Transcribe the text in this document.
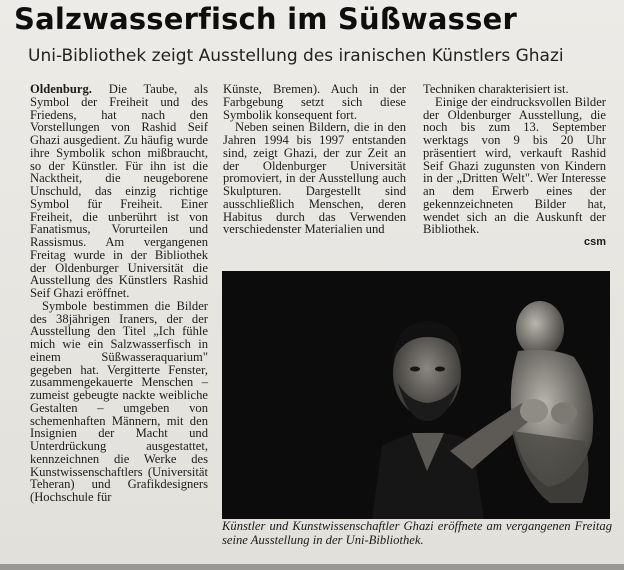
Salzwasserfisch im Süßwasser
Uni-Bibliothek zeigt Ausstellung des iranischen Künstlers Ghazi

Oldenburg. Die Taube, als Symbol der Freiheit und des Friedens, hat nach den Vorstellungen von Rashid Seif Ghazi ausgedient. Zu häufig wurde ihre Symbolik schon mißbraucht, so der Künstler. Für ihn ist die Nacktheit, die neugeborene Unschuld, das einzig richtige Symbol für Freiheit. Einer Freiheit, die unberührt ist von Fanatismus, Vorurteilen und Rassismus. Am vergangenen Freitag wurde in der Bibliothek der Oldenburger Universität die Ausstellung des Künstlers Rashid Seif Ghazi eröffnet.

Symbole bestimmen die Bilder des 38jährigen Iraners, der der Ausstellung den Titel „Ich fühle mich wie ein Salzwasserfisch in einem Süßwasseraquarium" gegeben hat. Vergitterte Fenster, zusammengekauerte Menschen – zumeist gebeugte nackte weibliche Gestalten – umgeben von schemenhaften Männern, mit den Insignien der Macht und Unterdrückung ausgestattet, kennzeichnen die Werke des Kunstwissenschaftlers (Universität Teheran) und Grafikdesigners (Hochschule für

Künste, Bremen). Auch in der Farbgebung setzt sich diese Symbolik konsequent fort.

Neben seinen Bildern, die in den Jahren 1994 bis 1997 entstanden sind, zeigt Ghazi, der zur Zeit an der Oldenburger Universität promoviert, in der Ausstellung auch Skulpturen. Dargestellt sind ausschließlich Menschen, deren Habitus durch das Verwenden verschiedenster Materialien und

Techniken charakterisiert ist.

Einige der eindrucksvollen Bilder der Oldenburger Ausstellung, die noch bis zum 13. September werktags von 9 bis 20 Uhr präsentiert wird, verkauft Rashid Seif Ghazi zugunsten von Kindern in der „Dritten Welt". Wer Interesse an dem Erwerb eines der gekennzeichneten Bilder hat, wendet sich an die Auskunft der Bibliothek.

csm
Künstler und Kunstwissenschaftler Ghazi eröffnete am vergangenen Freitag seine Ausstellung in der Uni-Bibliothek.
